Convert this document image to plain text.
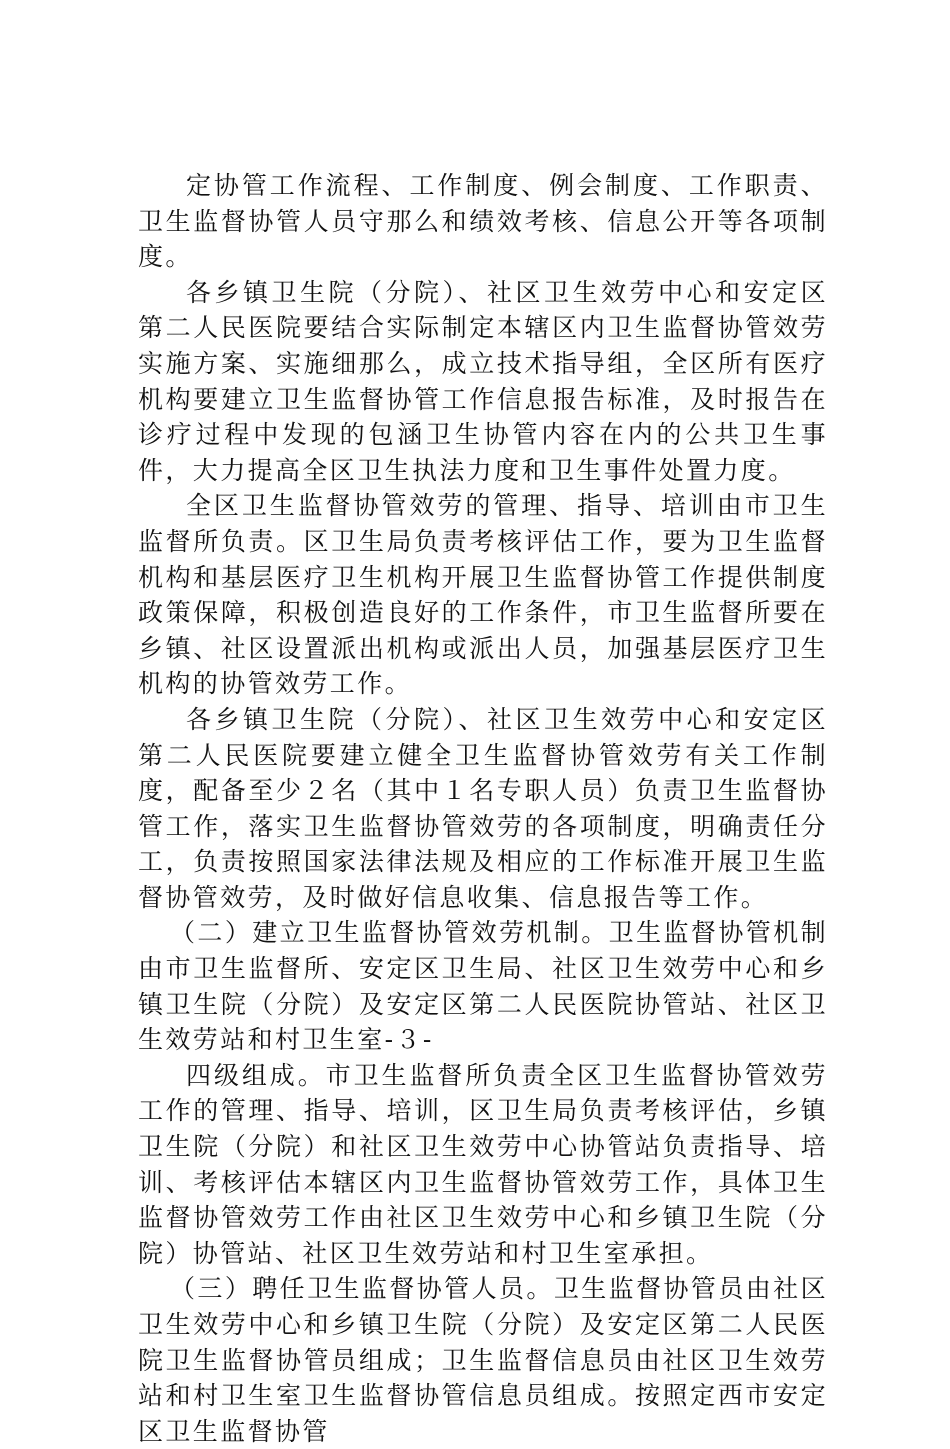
定协管工作流程、工作制度、例会制度、工作职责、卫生监督协管人员守那么和绩效考核、信息公开等各项制度。

各乡镇卫生院（分院）、社区卫生效劳中心和安定区第二人民医院要结合实际制定本辖区内卫生监督协管效劳实施方案、实施细那么，成立技术指导组，全区所有医疗机构要建立卫生监督协管工作信息报告标准，及时报告在诊疗过程中发现的包涵卫生协管内容在内的公共卫生事件，大力提高全区卫生执法力度和卫生事件处置力度。

全区卫生监督协管效劳的管理、指导、培训由市卫生监督所负责。区卫生局负责考核评估工作，要为卫生监督机构和基层医疗卫生机构开展卫生监督协管工作提供制度政策保障，积极创造良好的工作条件，市卫生监督所要在乡镇、社区设置派出机构或派出人员，加强基层医疗卫生机构的协管效劳工作。

各乡镇卫生院（分院）、社区卫生效劳中心和安定区第二人民医院要建立健全卫生监督协管效劳有关工作制度，配备至少２名（其中１名专职人员）负责卫生监督协管工作，落实卫生监督协管效劳的各项制度，明确责任分工，负责按照国家法律法规及相应的工作标准开展卫生监督协管效劳，及时做好信息收集、信息报告等工作。

（二）建立卫生监督协管效劳机制。卫生监督协管机制由市卫生监督所、安定区卫生局、社区卫生效劳中心和乡镇卫生院（分院）及安定区第二人民医院协管站、社区卫生效劳站和村卫生室-３-

四级组成。市卫生监督所负责全区卫生监督协管效劳工作的管理、指导、培训，区卫生局负责考核评估，乡镇卫生院（分院）和社区卫生效劳中心协管站负责指导、培训、考核评估本辖区内卫生监督协管效劳工作，具体卫生监督协管效劳工作由社区卫生效劳中心和乡镇卫生院（分院）协管站、社区卫生效劳站和村卫生室承担。

（三）聘任卫生监督协管人员。卫生监督协管员由社区卫生效劳中心和乡镇卫生院（分院）及安定区第二人民医院卫生监督协管员组成；卫生监督信息员由社区卫生效劳站和村卫生室卫生监督协管信息员组成。按照定西市安定区卫生监督协管
